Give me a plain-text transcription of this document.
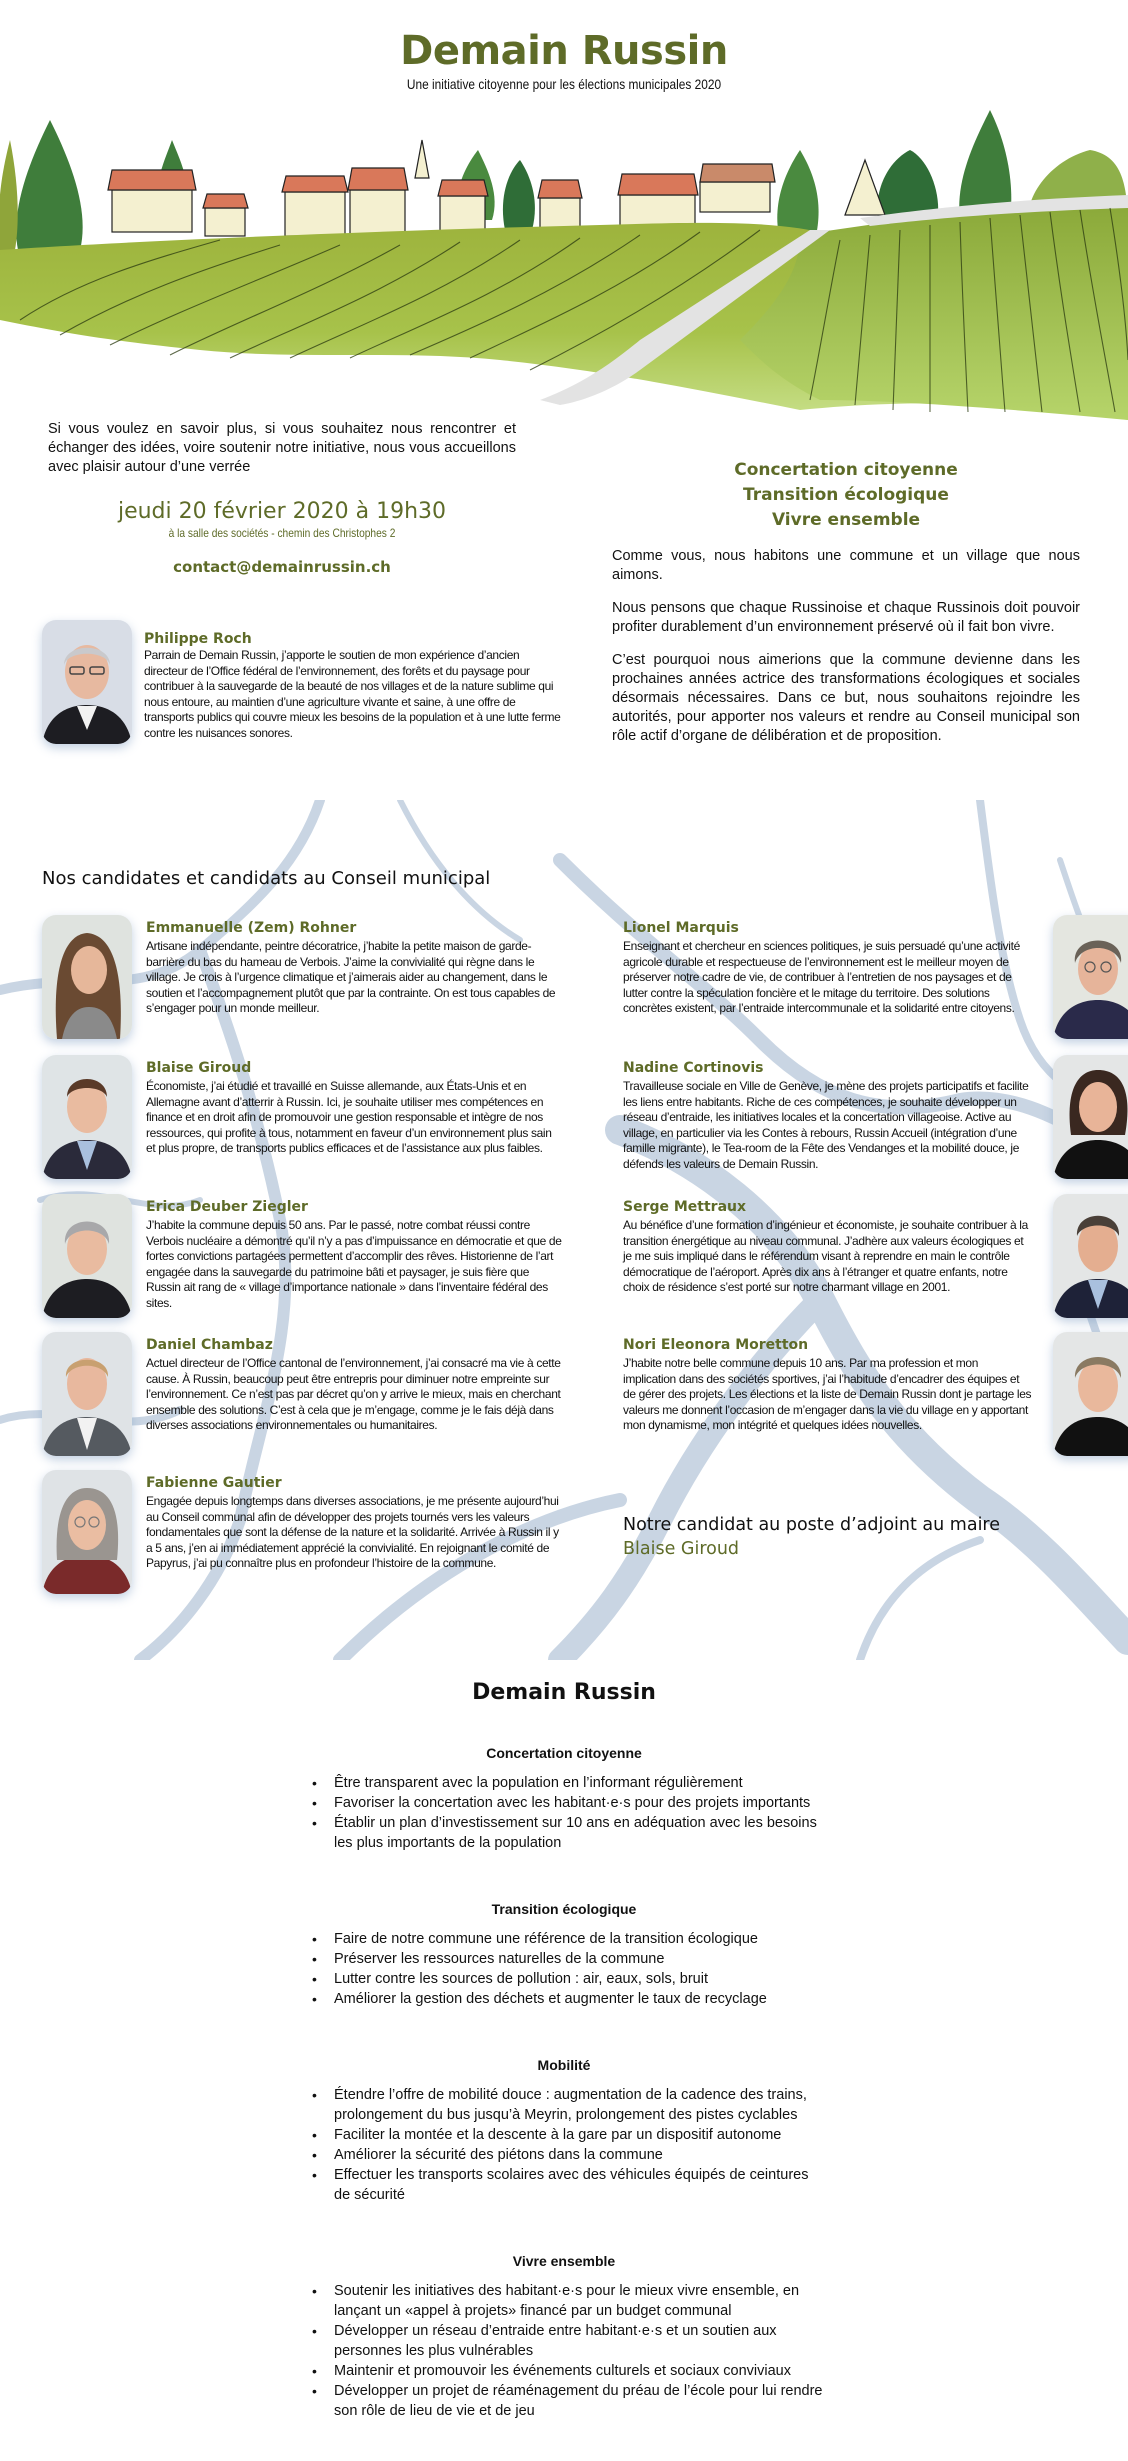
Demain Russin
Une initiative citoyenne pour les élections municipales 2020

Si vous voulez en savoir plus, si vous souhaitez nous rencontrer et échanger des idées, voire soutenir notre initiative, nous vous accueillons avec plaisir autour d’une verrée

jeudi 20 février 2020 à 19h30
à la salle des sociétés - chemin des Christophes 2
contact@demainrussin.ch
Philippe Roch

Parrain de Demain Russin, j’apporte le soutien de mon expérience d’ancien directeur de l’Office fédéral de l’environnement, des forêts et du paysage pour contribuer à la sauvegarde de la beauté de nos villages et de la nature sublime qui nous entoure, au maintien d’une agriculture vivante et saine, à une offre de transports publics qui couvre mieux les besoins de la population et à une lutte ferme contre les nuisances sonores.

Concertation citoyenne
Transition écologique
Vivre ensemble

Comme vous, nous habitons une commune et un village que nous aimons.

Nous pensons que chaque Russinoise et chaque Russinois doit pouvoir profiter durablement d’un environnement préservé où il fait bon vivre.

C’est pourquoi nous aimerions que la commune devienne dans les prochaines années actrice des transformations écologiques et sociales désormais nécessaires. Dans ce but, nous souhaitons rejoindre les autorités, pour apporter nos valeurs et rendre au Conseil municipal son rôle actif d’organe de délibération et de proposition.

Nos candidates et candidats au Conseil municipal
Emmanuelle (Zem) Rohner

Artisane indépendante, peintre décoratrice, j’habite la petite maison de garde-barrière du bas du hameau de Verbois. J’aime la convivialité qui règne dans le village. Je crois à l’urgence climatique et j’aimerais aider au changement, dans le soutien et l’accompagnement plutôt que par la contrainte. On est tous capables de s’engager pour un monde meilleur.

Blaise Giroud

Économiste, j’ai étudié et travaillé en Suisse allemande, aux États-Unis et en Allemagne avant d’atterrir à Russin. Ici, je souhaite utiliser mes compétences en finance et en droit afin de promouvoir une gestion responsable et intègre de nos ressources, qui profite à tous, notamment en faveur d’un environnement plus sain et plus propre, de transports publics efficaces et de l’assistance aux plus faibles.

Erica Deuber Ziegler

J’habite la commune depuis 50 ans. Par le passé, notre combat réussi contre Verbois nucléaire a démontré qu’il n’y a pas d’impuissance en démocratie et que de fortes convictions partagées permettent d’accomplir des rêves. Historienne de l’art engagée dans la sauvegarde du patrimoine bâti et paysager, je suis fière que Russin ait rang de « village d’importance nationale » dans l’inventaire fédéral des sites.

Daniel Chambaz

Actuel directeur de l’Office cantonal de l’environnement, j’ai consacré ma vie à cette cause. À Russin, beaucoup peut être entrepris pour diminuer notre empreinte sur l’environnement. Ce n’est pas par décret qu’on y arrive le mieux, mais en cherchant ensemble des solutions. C’est à cela que je m’engage, comme je le fais déjà dans diverses associations environnementales ou humanitaires.

Fabienne Gautier

Engagée depuis longtemps dans diverses associations, je me présente aujourd’hui au Conseil communal afin de développer des projets tournés vers les valeurs fondamentales que sont la défense de la nature et la solidarité. Arrivée à Russin il y a 5 ans, j’en ai immédiatement apprécié la convivialité. En rejoignant le comité de Papyrus, j’ai pu connaître plus en profondeur l’histoire de la commune.

Lionel Marquis

Enseignant et chercheur en sciences politiques, je suis persuadé qu’une activité agricole durable et respectueuse de l’environnement est le meilleur moyen de préserver notre cadre de vie, de contribuer à l’entretien de nos paysages et de lutter contre la spéculation foncière et le mitage du territoire. Des solutions concrètes existent, par l’entraide intercommunale et la solidarité entre citoyens.

Nadine Cortinovis

Travailleuse sociale en Ville de Genève, je mène des projets participatifs et facilite les liens entre habitants. Riche de ces compétences, je souhaite développer un réseau d’entraide, les initiatives locales et la concertation villageoise. Active au village, en particulier via les Contes à rebours, Russin Accueil (intégration d’une famille migrante), le Tea-room de la Fête des Vendanges et la mobilité douce, je défends les valeurs de Demain Russin.

Serge Mettraux

Au bénéfice d’une formation d’ingénieur et économiste, je souhaite contribuer à la transition énergétique au niveau communal. J’adhère aux valeurs écologiques et je me suis impliqué dans le référendum visant à reprendre en main le contrôle démocratique de l’aéroport. Après dix ans à l’étranger et quatre enfants, notre choix de résidence s’est porté sur notre charmant village en 2001.

Nori Eleonora Moretton

J’habite notre belle commune depuis 10 ans. Par ma profession et mon implication dans des sociétés sportives, j’ai l’habitude d’encadrer des équipes et de gérer des projets. Les élections et la liste de Demain Russin dont je partage les valeurs me donnent l’occasion de m’engager dans la vie du village en y apportant mon dynamisme, mon intégrité et quelques idées nouvelles.

Notre candidat au poste d’adjoint au maire
Blaise Giroud
Demain Russin
Concertation citoyenne
• Être transparent avec la population en l’informant régulièrement
• Favoriser la concertation avec les habitant·e·s pour des projets importants
• Établir un plan d’investissement sur 10 ans en adéquation avec les besoins les plus importants de la population
Transition écologique
• Faire de notre commune une référence de la transition écologique
• Préserver les ressources naturelles de la commune
• Lutter contre les sources de pollution : air, eaux, sols, bruit
• Améliorer la gestion des déchets et augmenter le taux de recyclage
Mobilité
• Étendre l’offre de mobilité douce : augmentation de la cadence des trains, prolongement du bus jusqu’à Meyrin, prolongement des pistes cyclables
• Faciliter la montée et la descente à la gare par un dispositif autonome
• Améliorer la sécurité des piétons dans la commune
• Effectuer les transports scolaires avec des véhicules équipés de ceintures de sécurité
Vivre ensemble
• Soutenir les initiatives des habitant·e·s pour le mieux vivre ensemble, en lançant un «appel à projets» financé par un budget communal
• Développer un réseau d’entraide entre habitant·e·s et un soutien aux personnes les plus vulnérables
• Maintenir et promouvoir les événements culturels et sociaux conviviaux
• Développer un projet de réaménagement du préau de l’école pour lui rendre son rôle de lieu de vie et de jeu
